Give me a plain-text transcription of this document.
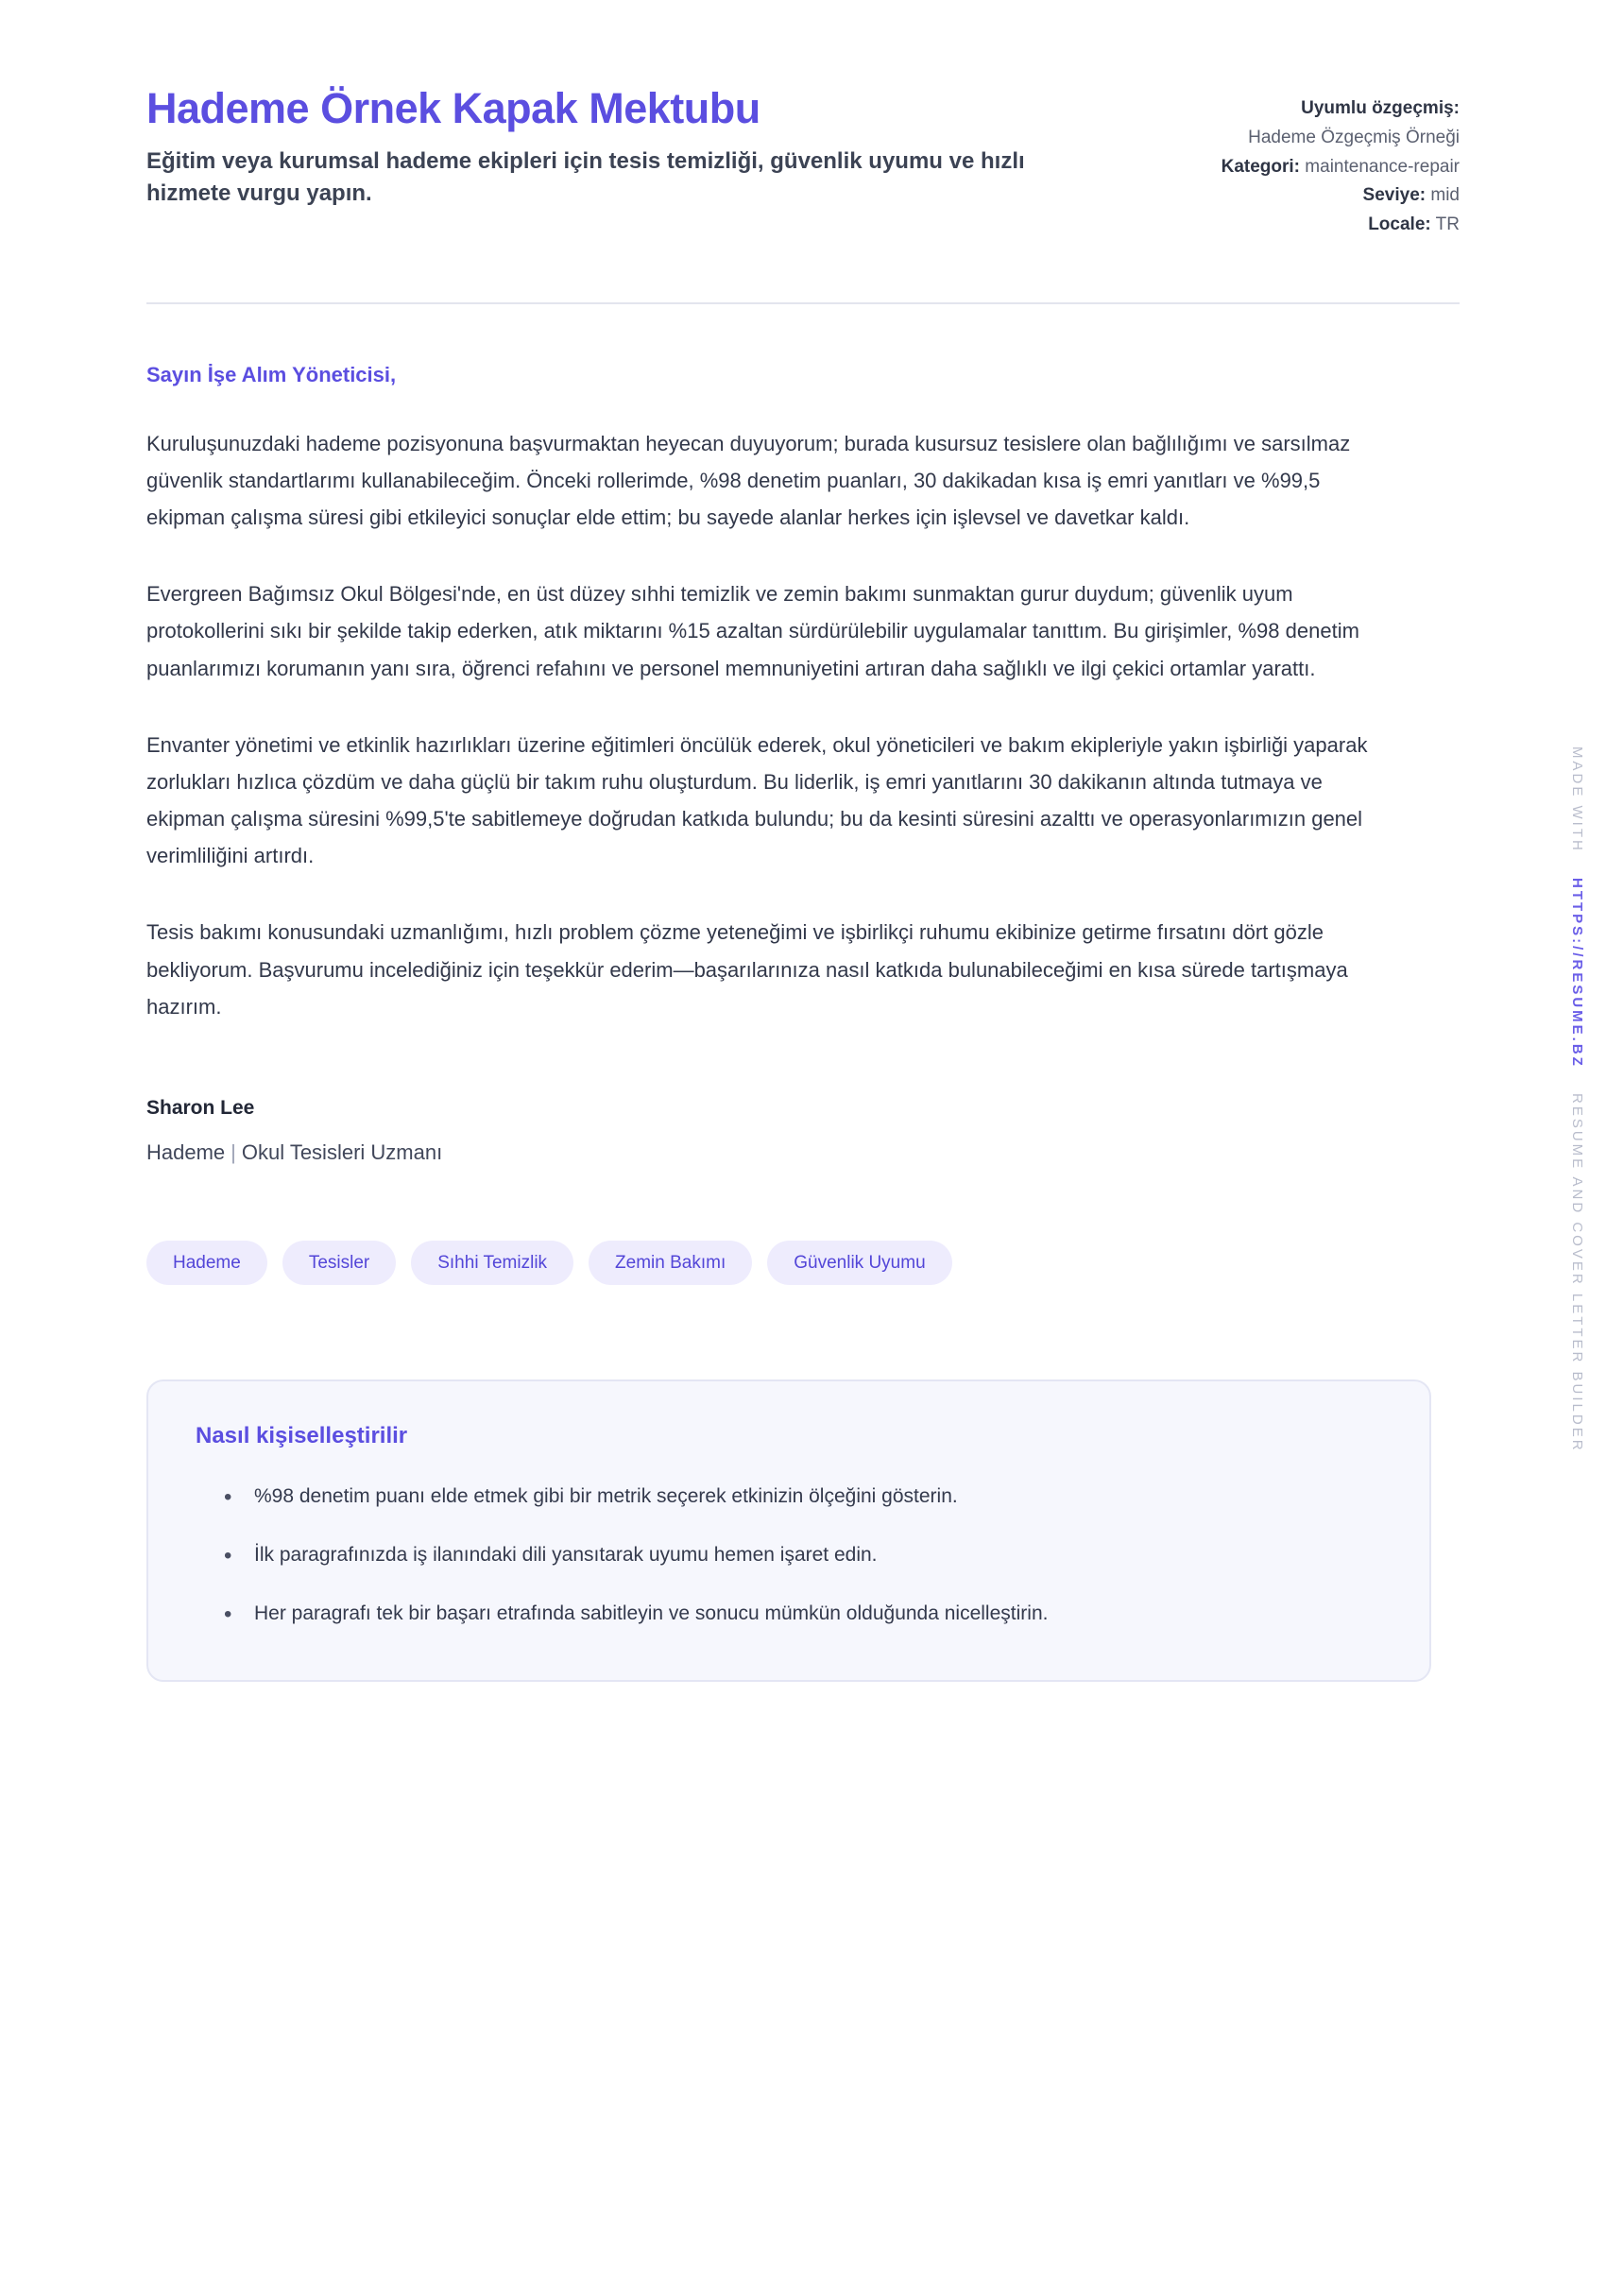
Hademe Örnek Kapak Mektubu

Eğitim veya kurumsal hademe ekipleri için tesis temizliği, güvenlik uyumu ve hızlı hizmete vurgu yapın.

Uyumlu özgeçmiş:
Hademe Özgeçmiş Örneği
Kategori: maintenance-repair
Seviye: mid
Locale: TR

Sayın İşe Alım Yöneticisi,

Kuruluşunuzdaki hademe pozisyonuna başvurmaktan heyecan duyuyorum; burada kusursuz tesislere olan bağlılığımı ve sarsılmaz güvenlik standartlarımı kullanabileceğim. Önceki rollerimde, %98 denetim puanları, 30 dakikadan kısa iş emri yanıtları ve %99,5 ekipman çalışma süresi gibi etkileyici sonuçlar elde ettim; bu sayede alanlar herkes için işlevsel ve davetkar kaldı.

Evergreen Bağımsız Okul Bölgesi'nde, en üst düzey sıhhi temizlik ve zemin bakımı sunmaktan gurur duydum; güvenlik uyum protokollerini sıkı bir şekilde takip ederken, atık miktarını %15 azaltan sürdürülebilir uygulamalar tanıttım. Bu girişimler, %98 denetim puanlarımızı korumanın yanı sıra, öğrenci refahını ve personel memnuniyetini artıran daha sağlıklı ve ilgi çekici ortamlar yarattı.

Envanter yönetimi ve etkinlik hazırlıkları üzerine eğitimleri öncülük ederek, okul yöneticileri ve bakım ekipleriyle yakın işbirliği yaparak zorlukları hızlıca çözdüm ve daha güçlü bir takım ruhu oluşturdum. Bu liderlik, iş emri yanıtlarını 30 dakikanın altında tutmaya ve ekipman çalışma süresini %99,5'te sabitlemeye doğrudan katkıda bulundu; bu da kesinti süresini azalttı ve operasyonlarımızın genel verimliliğini artırdı.

Tesis bakımı konusundaki uzmanlığımı, hızlı problem çözme yeteneğimi ve işbirlikçi ruhumu ekibinize getirme fırsatını dört gözle bekliyorum. Başvurumu incelediğiniz için teşekkür ederim—başarılarınıza nasıl katkıda bulunabileceğimi en kısa sürede tartışmaya hazırım.

Sharon Lee

Hademe | Okul Tesisleri Uzmanı

Hademe	Tesisler	Sıhhi Temizlik	Zemin Bakımı	Güvenlik Uyumu

Nasıl kişiselleştirilir

• %98 denetim puanı elde etmek gibi bir metrik seçerek etkinizin ölçeğini gösterin.
• İlk paragrafınızda iş ilanındaki dili yansıtarak uyumu hemen işaret edin.
• Her paragrafı tek bir başarı etrafında sabitleyin ve sonucu mümkün olduğunda nicelleştirin.
MADE WITH
HTTPS://RESUME.BZ
RESUME AND COVER LETTER BUILDER
